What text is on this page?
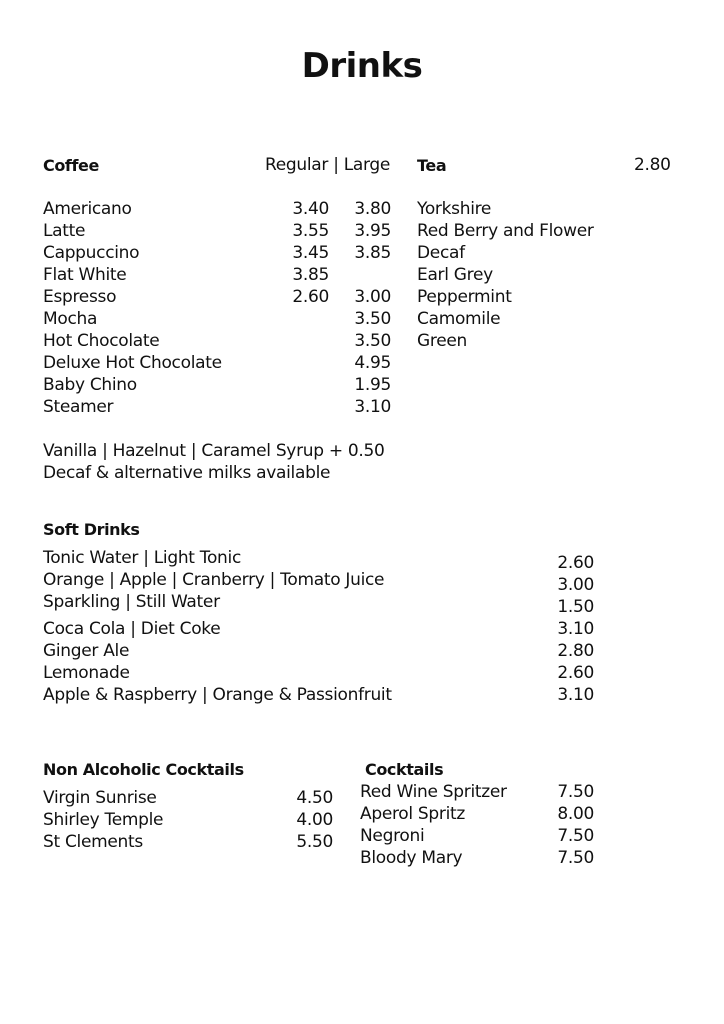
Drinks
Coffee	Regular | Large
Americano
Latte
Cappuccino
Flat White
Espresso
Mocha
Hot Chocolate
Deluxe Hot Chocolate
Baby Chino
Steamer
3.40
3.55
3.45
3.85
2.60
3.80
3.95
3.85
3.00
3.50
3.50
4.95
1.95
3.10
Vanilla | Hazelnut | Caramel Syrup + 0.50
Decaf & alternative milks available
Tea	2.80
Yorkshire
Red Berry and Flower
Decaf
Earl Grey
Peppermint
Camomile
Green
Soft Drinks
Tonic Water | Light Tonic
Orange | Apple | Cranberry | Tomato Juice
Sparkling | Still Water
Coca Cola | Diet Coke
Ginger Ale
Lemonade
Apple & Raspberry | Orange & Passionfruit
2.60
3.00
1.50
3.10
2.80
2.60
3.10
Non Alcoholic Cocktails
Virgin Sunrise
Shirley Temple
St Clements
4.50
4.00
5.50
Cocktails
Red Wine Spritzer
Aperol Spritz
Negroni
Bloody Mary
7.50
8.00
7.50
7.50
